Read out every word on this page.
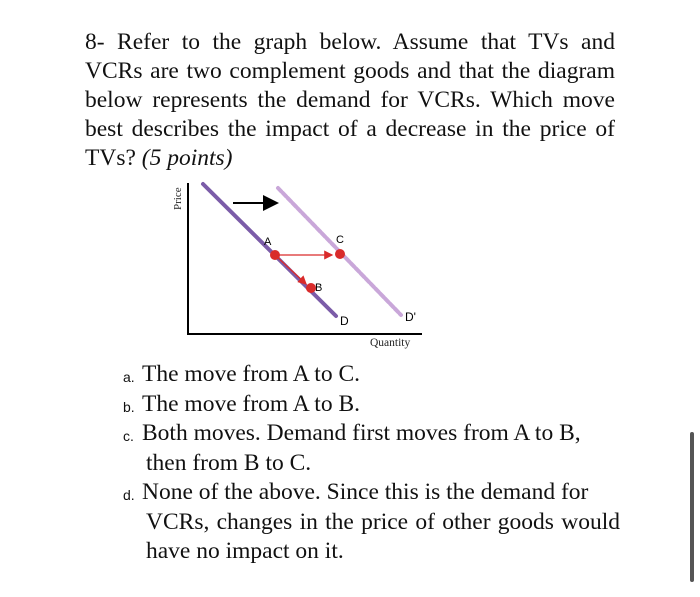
8- Refer to the graph below. Assume that TVs and VCRs are two complement goods and that the diagram below represents the demand for VCRs. Which move best describes the impact of a decrease in the price of TVs? (5 points)
Price
Quantity
A
B
C
D	D'
a. The move from A to C.
b. The move from A to B.
c. Both moves. Demand first moves from A to B,
then from B to C.
d. None of the above. Since this is the demand for
VCRs, changes in the price of other goods would have no impact on it.
